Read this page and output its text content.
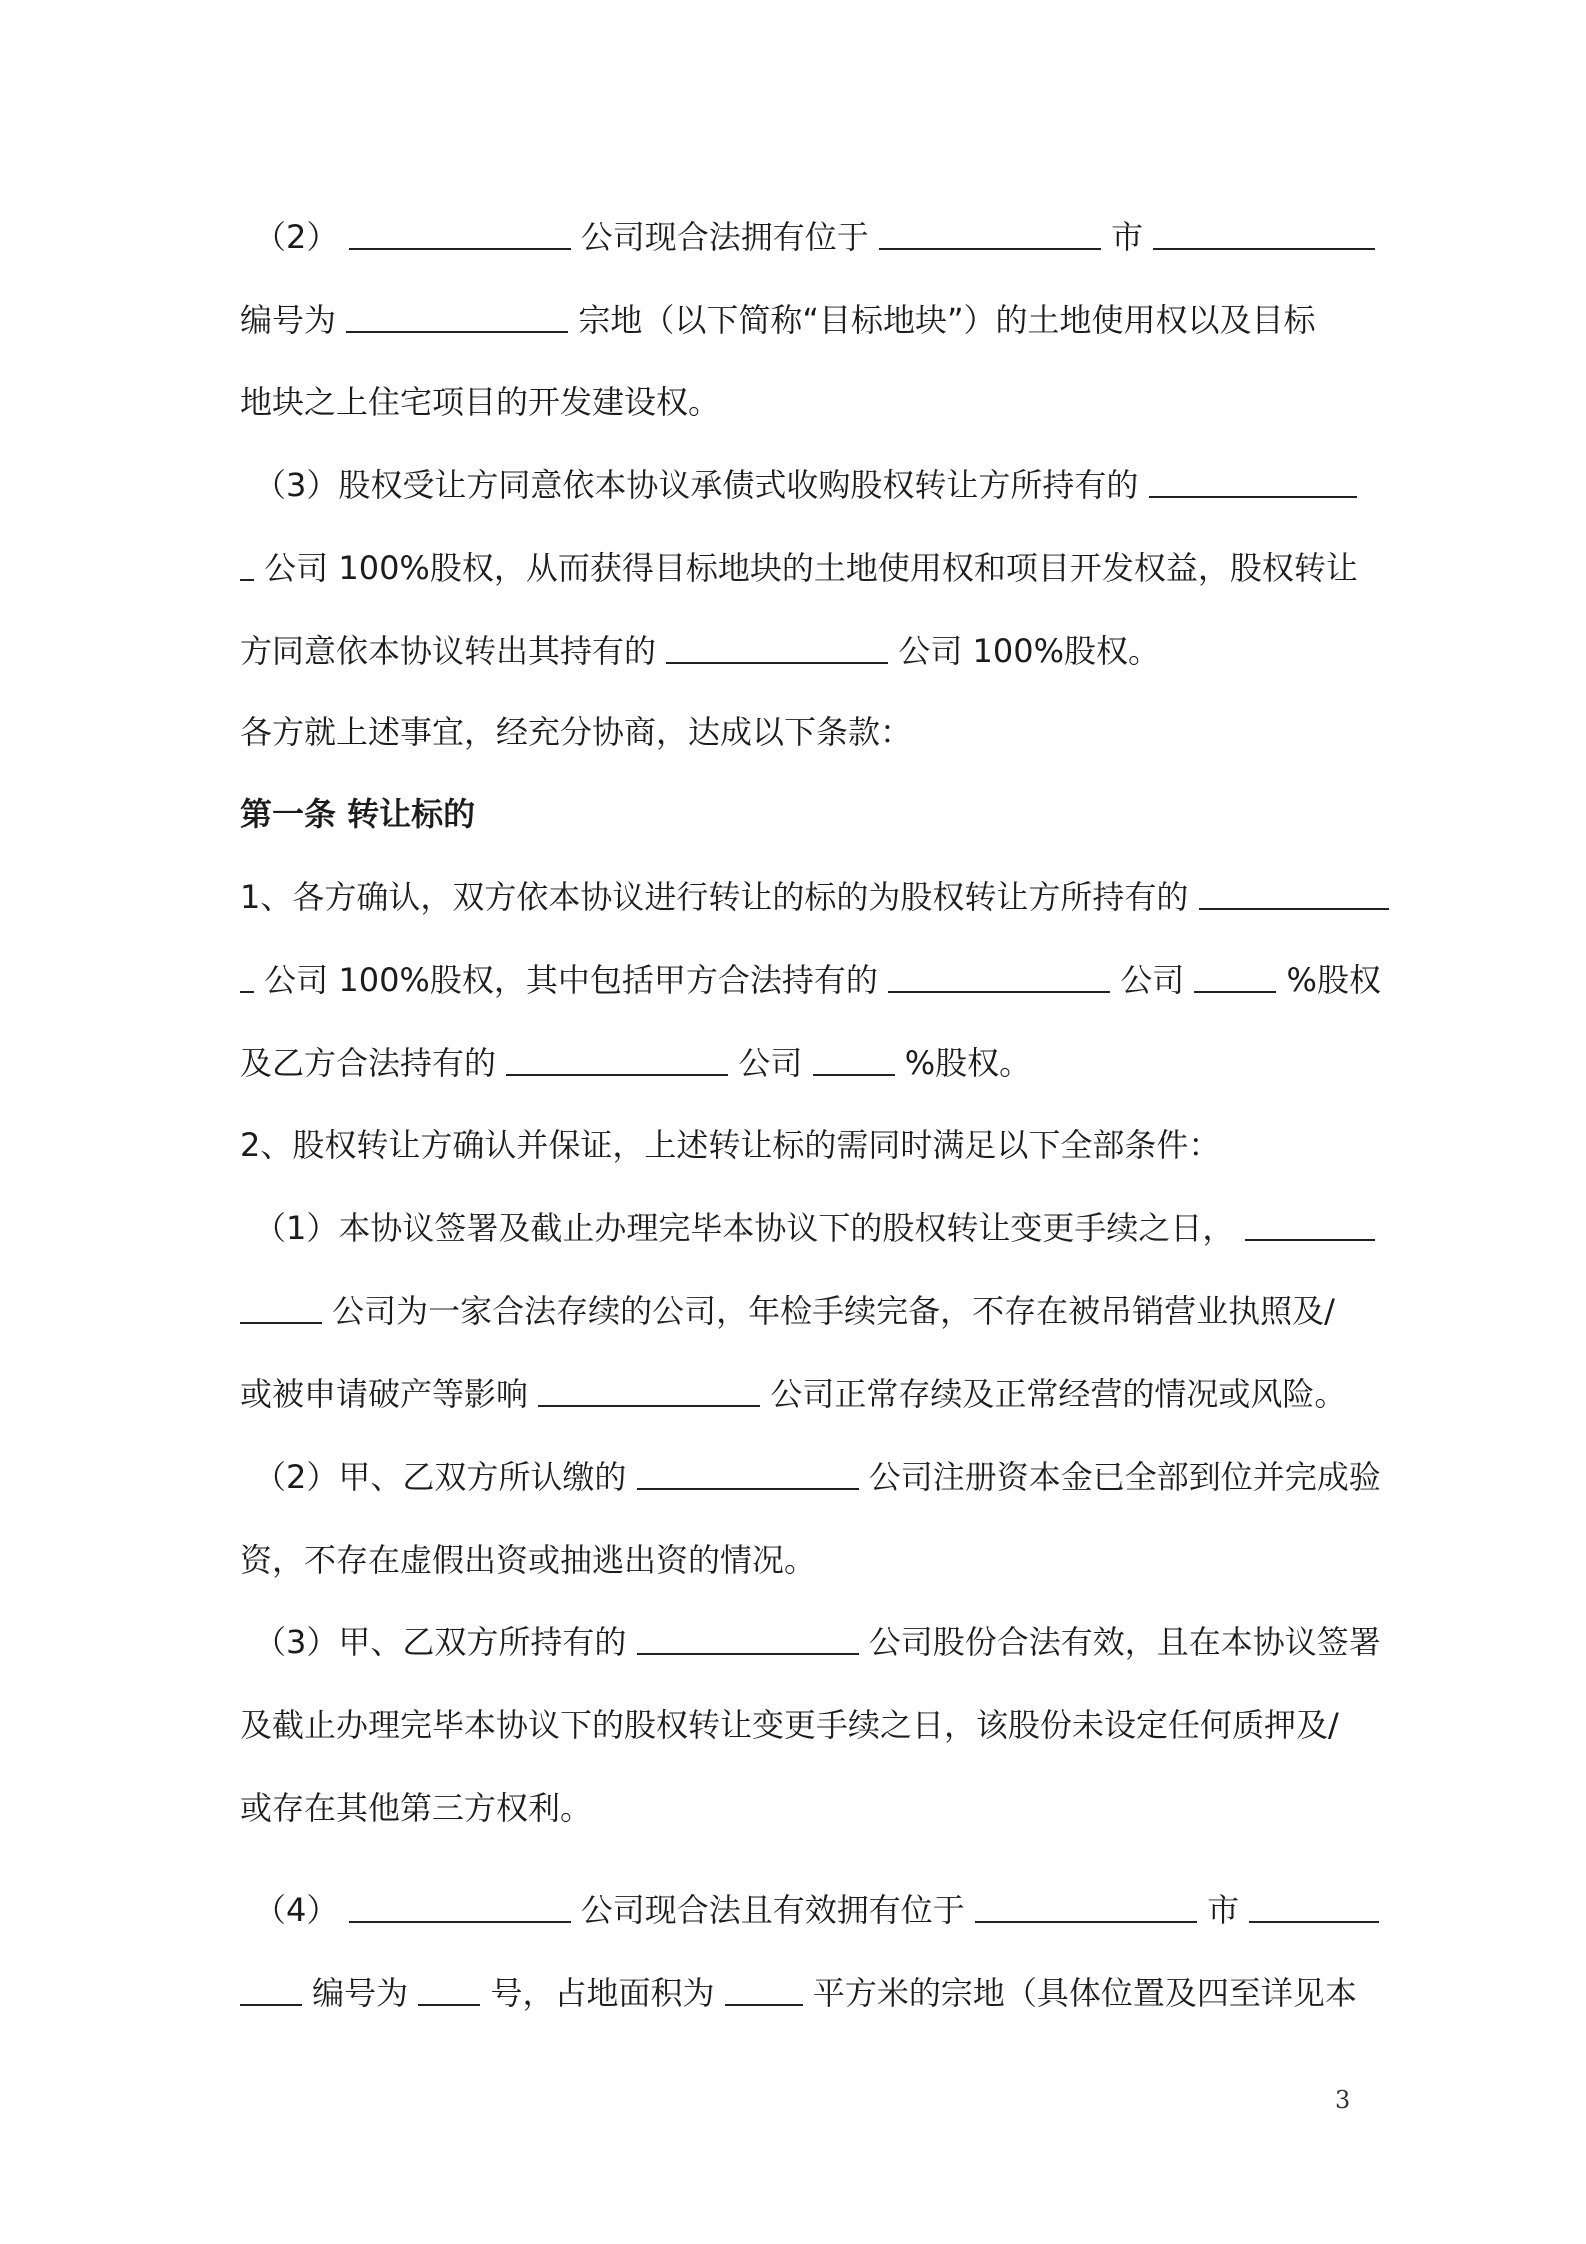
（2）	公司现合法拥有位于	市

编号为	宗地（以下简称“目标地块”）的土地使用权以及目标

地块之上住宅项目的开发建设权。

（3）股权受让方同意依本协议承债式收购股权转让方所持有的

公司 100%股权，从而获得目标地块的土地使用权和项目开发权益，股权转让

方同意依本协议转出其持有的	公司 100%股权。

各方就上述事宜，经充分协商，达成以下条款：

第一条 转让标的

1、各方确认，双方依本协议进行转让的标的为股权转让方所持有的

公司 100%股权，其中包括甲方合法持有的	公司	%股权

及乙方合法持有的	公司	%股权。

2、股权转让方确认并保证，上述转让标的需同时满足以下全部条件：

（1）本协议签署及截止办理完毕本协议下的股权转让变更手续之日，

公司为一家合法存续的公司，年检手续完备，不存在被吊销营业执照及/

或被申请破产等影响	公司正常存续及正常经营的情况或风险。

（2）甲、乙双方所认缴的	公司注册资本金已全部到位并完成验

资，不存在虚假出资或抽逃出资的情况。

（3）甲、乙双方所持有的	公司股份合法有效，且在本协议签署

及截止办理完毕本协议下的股权转让变更手续之日，该股份未设定任何质押及/

或存在其他第三方权利。

（4）	公司现合法且有效拥有位于	市

编号为	号，占地面积为	平方米的宗地（具体位置及四至详见本

3
